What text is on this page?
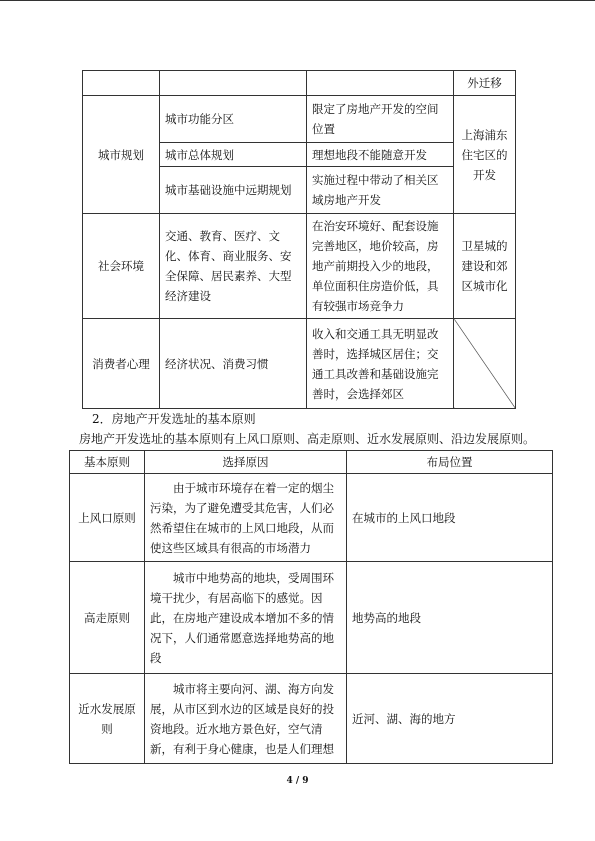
			外迁移
城市规划	城市功能分区	限定了房地产开发的空间位置	上海浦东住宅区的开发
	城市总体规划	理想地段不能随意开发	
	城市基础设施中远期规划	实施过程中带动了相关区域房地产开发	
社会环境	交通、教育、医疗、文化、体育、商业服务、安全保障、居民素养、大型经济建设	在治安环境好、配套设施完善地区，地价较高，房地产前期投入少的地段，单位面积住房造价低，具有较强市场竞争力	卫星城的建设和郊区城市化
消费者心理	经济状况、消费习惯	收入和交通工具无明显改善时，选择城区居住；交通工具改善和基础设施完善时，会选择郊区	
2．房地产开发选址的基本原则
房地产开发选址的基本原则有上风口原则、高走原则、近水发展原则、沿边发展原则。
基本原则	选择原因	布局位置
上风口原则	由于城市环境存在着一定的烟尘污染，为了避免遭受其危害，人们必然希望住在城市的上风口地段，从而使这些区域具有很高的市场潜力	在城市的上风口地段
高走原则	城市中地势高的地块，受周围环境干扰少，有居高临下的感觉。因此，在房地产建设成本增加不多的情况下，人们通常愿意选择地势高的地段	地势高的地段
近水发展原则	城市将主要向河、湖、海方向发展，从市区到水边的区域是良好的投资地段。近水地方景色好，空气清新，有利于身心健康，也是人们理想	近河、湖、海的地方
4 / 9
